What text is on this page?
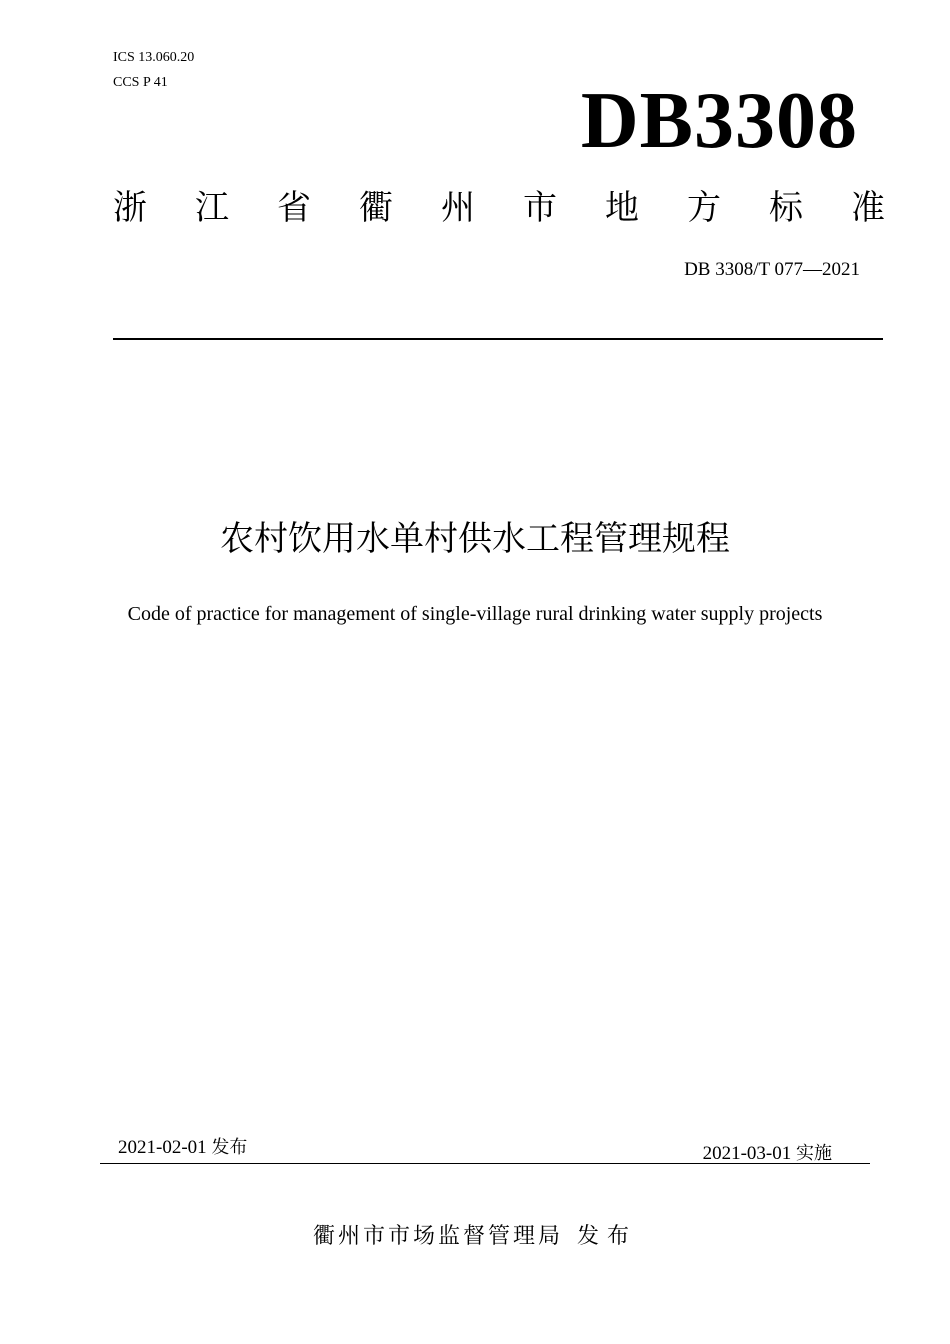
ICS 13.060.20
CCS P 41	DB3308
浙 江 省 衢 州 市 地 方 标 准
DB 3308/T 077—2021
农村饮用水单村供水工程管理规程
Code of practice for management of single-village rural drinking water supply projects
2021-02-01 发布	2021-03-01 实施
衢州市市场监督管理局 发布
